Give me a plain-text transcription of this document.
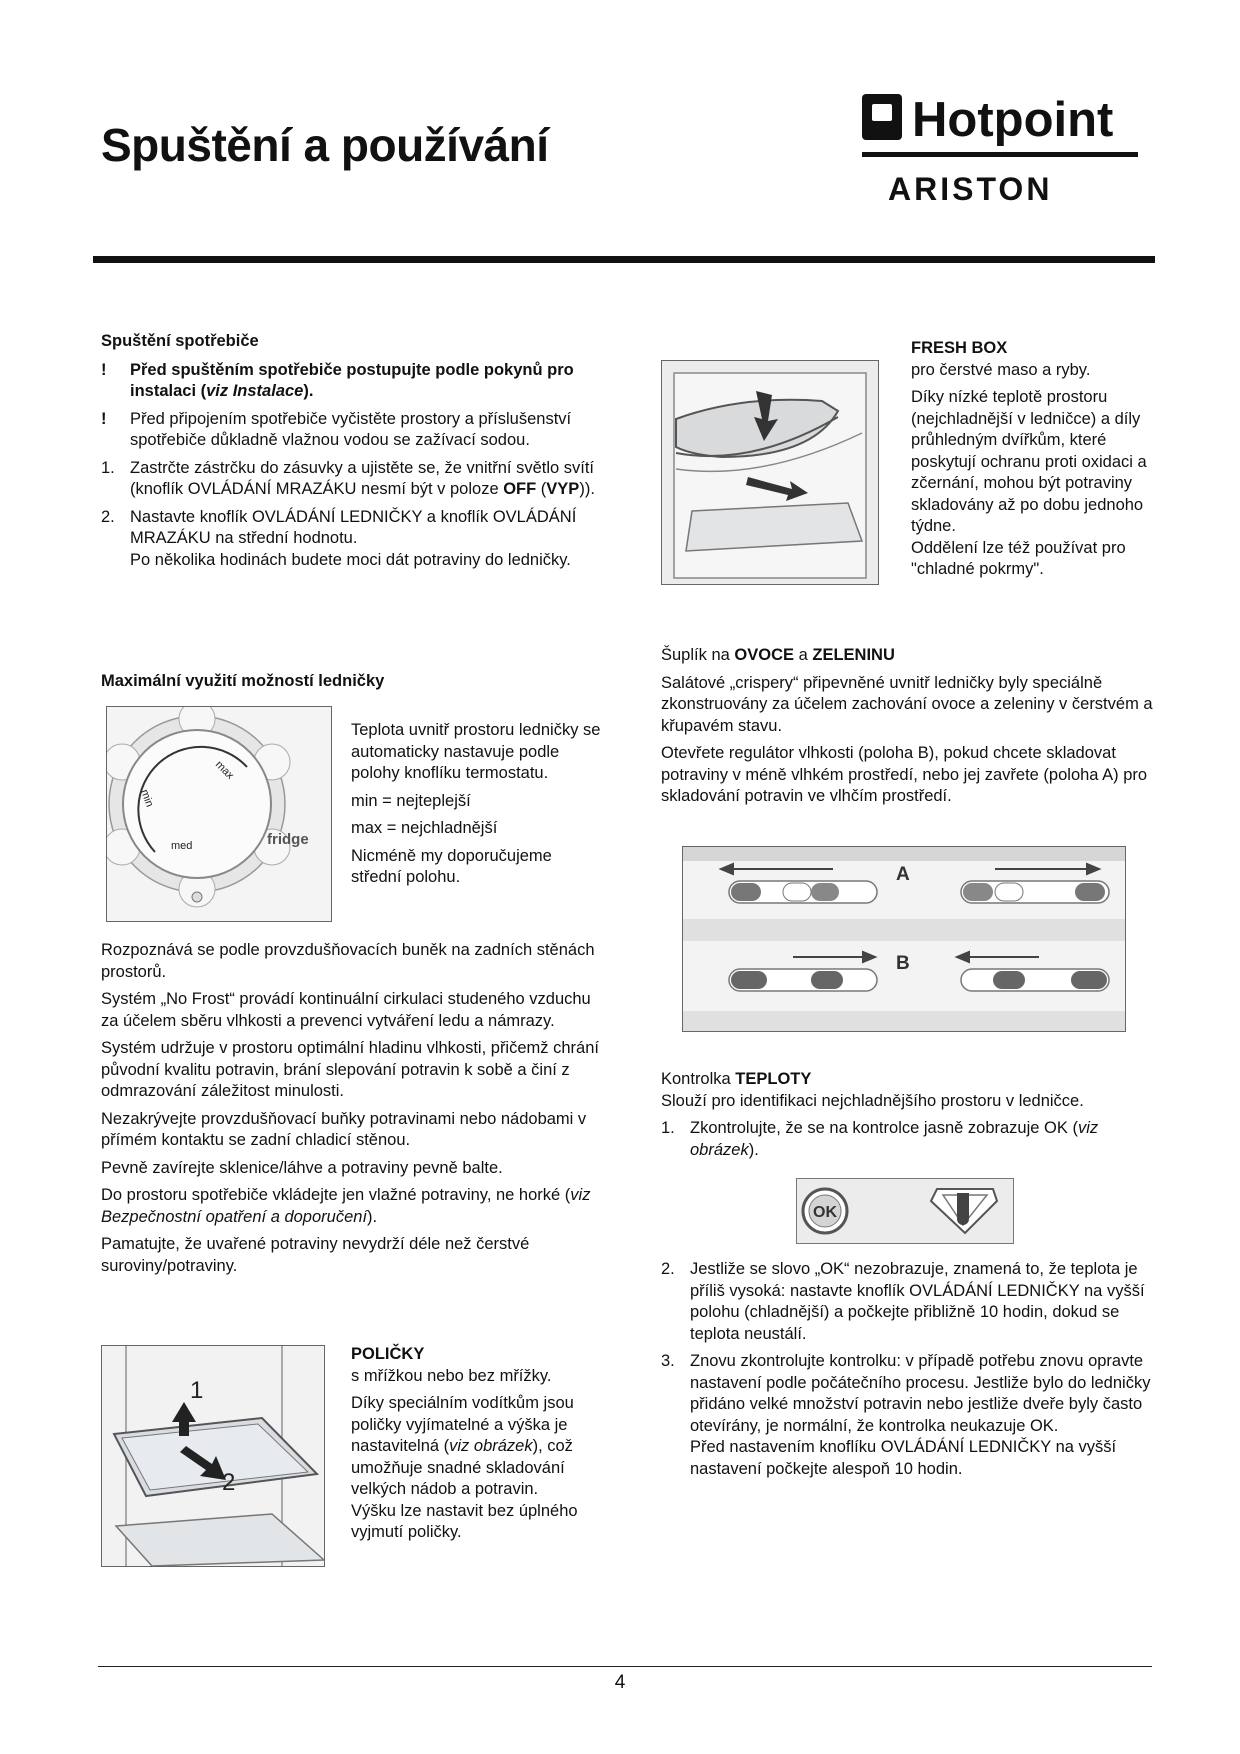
Spuštění a používání	Hotpoint
ARISTON

Spuštění spotřebiče

!	Před spuštěním spotřebiče postupujte podle pokynů pro instalaci (viz Instalace).
!	Před připojením spotřebiče vyčistěte prostory a příslušenství spotřebiče důkladně vlažnou vodou se zažívací sodou.
1. Zastrčte zástrčku do zásuvky a ujistěte se, že vnitřní světlo svítí (knoflík OVLÁDÁNÍ MRAZÁKU nesmí být v poloze OFF (VYP)).
2. Nastavte knoflík OVLÁDÁNÍ LEDNIČKY a knoflík OVLÁDÁNÍ MRAZÁKU na střední hodnotu.
Po několika hodinách budete moci dát potraviny do ledničky.
Maximální využití možností ledničky
min
max
med	fridge

Teplota uvnitř prostoru ledničky se automaticky nastavuje podle polohy knoflíku termostatu.

min = nejteplejší

max = nejchladnější

Nicméně my doporučujeme střední polohu.

Rozpoznává se podle provzdušňovacích buněk na zadních stěnách prostorů.

Systém „No Frost“ provádí kontinuální cirkulaci studeného vzduchu za účelem sběru vlhkosti a prevenci vytváření ledu a námrazy.

Systém udržuje v prostoru optimální hladinu vlhkosti, přičemž chrání původní kvalitu potravin, brání slepování potravin k sobě a činí z odmrazování záležitost minulosti.

Nezakrývejte provzdušňovací buňky potravinami nebo nádobami v přímém kontaktu se zadní chladicí stěnou.

Pevně zavírejte sklenice/láhve a potraviny pevně balte.

Do prostoru spotřebiče vkládejte jen vlažné potraviny, ne horké (viz Bezpečnostní opatření a doporučení).

Pamatujte, že uvařené potraviny nevydrží déle než čerstvé suroviny/potraviny.

1
2

POLIČKY

s mřížkou nebo bez mřížky.

Díky speciálním vodítkům jsou poličky vyjímatelné a výška je nastavitelná (viz obrázek), což umožňuje snadné skladování velkých nádob a potravin.

Výšku lze nastavit bez úplného vyjmutí poličky.

FRESH BOX

pro čerstvé maso a ryby.

Díky nízké teplotě prostoru (nejchladnější v ledničce) a díly průhledným dvířkům, které poskytují ochranu proti oxidaci a zčernání, mohou být potraviny skladovány až po dobu jednoho týdne.

Oddělení lze též používat pro "chladné pokrmy".

Šuplík na OVOCE a ZELENINU

Salátové „crispery“ připevněné uvnitř ledničky byly speciálně zkonstruovány za účelem zachování ovoce a zeleniny v čerstvém a křupavém stavu.

Otevřete regulátor vlhkosti (poloha B), pokud chcete skladovat potraviny v méně vlhkém prostředí, nebo jej zavřete (poloha A) pro skladování potravin ve vlhčím prostředí.

A
B

Kontrolka TEPLOTY

Slouží pro identifikaci nejchladnějšího prostoru v ledničce.

1. Zkontrolujte, že se na kontrolce jasně zobrazuje OK (viz obrázek).
OK
2. Jestliže se slovo „OK“ nezobrazuje, znamená to, že teplota je příliš vysoká: nastavte knoflík OVLÁDÁNÍ LEDNIČKY na vyšší polohu (chladnější) a počkejte přibližně 10 hodin, dokud se teplota neustálí.
3. Znovu zkontrolujte kontrolku: v případě potřebu znovu opravte nastavení podle počátečního procesu. Jestliže bylo do ledničky přidáno velké množství potravin nebo jestliže dveře byly často otevírány, je normální, že kontrolka neukazuje OK.
Před nastavením knoflíku OVLÁDÁNÍ LEDNIČKY na vyšší nastavení počkejte alespoň 10 hodin.
4
